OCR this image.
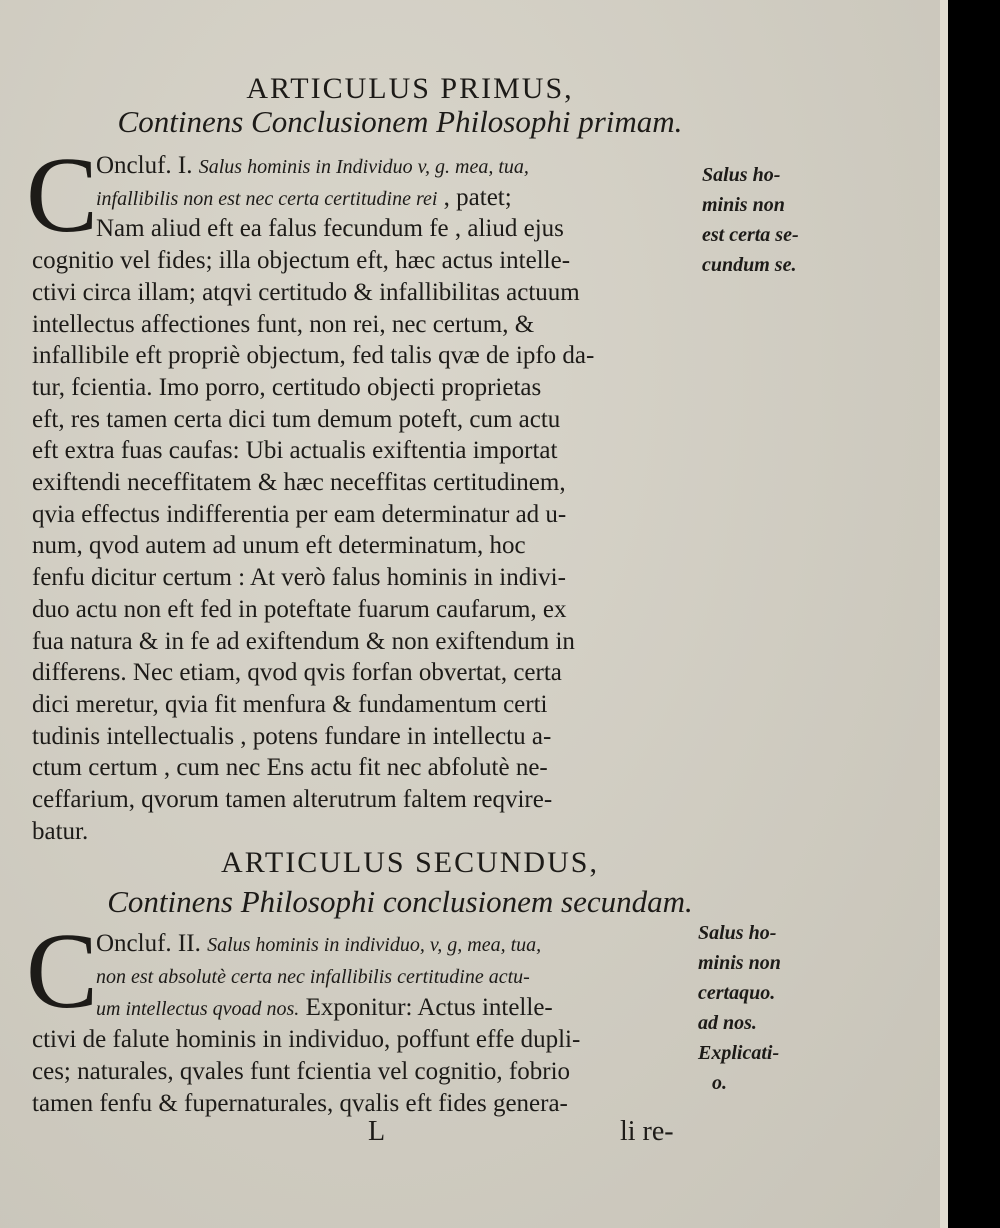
ARTICULUS PRIMUS,
Continens Conclusionem Philosophi primam.
C
Oncluf. I. Salus hominis in Individuo v, g. mea, tua,
infallibilis non est nec certa certitudine rei , patet;
Nam aliud eft ea falus fecundum fe , aliud ejus
cognitio vel fides; illa objectum eft, hæc actus intelle-
ctivi circa illam; atqvi certitudo & infallibilitas actuum
intellectus affectiones funt, non rei, nec certum, &
infallibile eft propriè objectum, fed talis qvæ de ipfo da-
tur, fcientia. Imo porro, certitudo objecti proprietas
eft, res tamen certa dici tum demum poteft, cum actu
eft extra fuas caufas: Ubi actualis exiftentia importat
exiftendi neceffitatem & hæc neceffitas certitudinem,
qvia effectus indifferentia per eam determinatur ad u-
num, qvod autem ad unum eft determinatum, hoc
fenfu dicitur certum : At verò falus hominis in indivi-
duo actu non eft fed in poteftate fuarum caufarum, ex
fua natura & in fe ad exiftendum & non exiftendum in
differens. Nec etiam, qvod qvis forfan obvertat, certa
dici meretur, qvia fit menfura & fundamentum certi
tudinis intellectualis , potens fundare in intellectu a-
ctum certum , cum nec Ens actu fit nec abfolutè ne-
ceffarium, qvorum tamen alterutrum faltem reqvire-
batur.
Salus ho-
minis non
est certa se-
cundum se.
ARTICULUS SECUNDUS,
Continens Philosophi conclusionem secundam.
C
Oncluf. II. Salus hominis in individuo, v, g, mea, tua,
non est absolutè certa nec infallibilis certitudine actu-
um intellectus qvoad nos. Exponitur: Actus intelle-
ctivi de falute hominis in individuo, poffunt effe dupli-
ces; naturales, qvales funt fcientia vel cognitio, fobrio
tamen fenfu & fupernaturales, qvalis eft fides genera-
Salus ho-
minis non
certaquo.
ad nos.
Explicati-
o.
L	li re-
